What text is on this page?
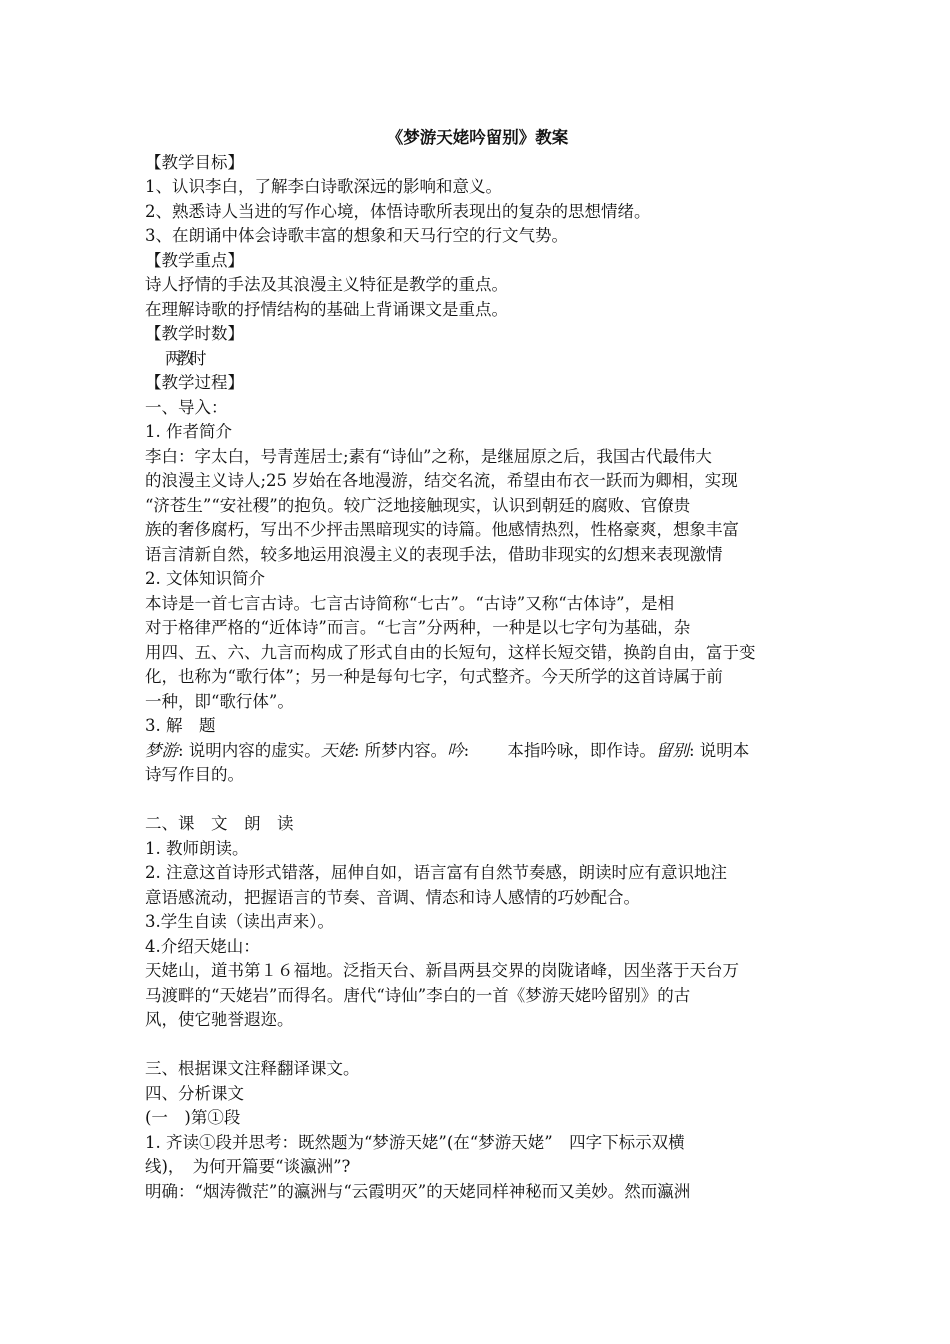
《梦游天姥吟留别》教案
【教学目标】
1、认识李白，了解李白诗歌深远的影响和意义。
2、熟悉诗人当进的写作心境，体悟诗歌所表现出的复杂的思想情绪。
3、在朗诵中体会诗歌丰富的想象和天马行空的行文气势。
【教学重点】
诗人抒情的手法及其浪漫主义特征是教学的重点。
在理解诗歌的抒情结构的基础上背诵课文是重点。
【教学时数】
两教时
【教学过程】
一、导入：
1. 作者简介
李白：字太白，号青莲居士;素有“诗仙”之称，是继屈原之后，我国古代最伟大
的浪漫主义诗人;25 岁始在各地漫游，结交名流，希望由布衣一跃而为卿相，实现
“济苍生”“安社稷”的抱负。较广泛地接触现实，认识到朝廷的腐败、官僚贵
族的奢侈腐朽，写出不少抨击黑暗现实的诗篇。他感情热烈，性格豪爽，想象丰富
语言清新自然，较多地运用浪漫主义的表现手法，借助非现实的幻想来表现激情
2. 文体知识简介
本诗是一首七言古诗。七言古诗简称“七古”。“古诗”又称“古体诗”，是相
对于格律严格的“近体诗”而言。“七言”分两种，一种是以七字句为基础，杂
用四、五、六、九言而构成了形式自由的长短句，这样长短交错，换韵自由，富于变
化，也称为“歌行体”；另一种是每句七字，句式整齐。今天所学的这首诗属于前
一种，即“歌行体”。
3. 解　题
梦游: 说明内容的虚实。天姥: 所梦内容。吟:　　 本指吟咏，即作诗。留别: 说明本
诗写作目的。
二、课　文　朗　读
1. 教师朗读。
2. 注意这首诗形式错落，屈伸自如，语言富有自然节奏感，朗读时应有意识地注
意语感流动，把握语言的节奏、音调、情态和诗人感情的巧妙配合。
3.学生自读（读出声来）。
4.介绍天姥山：
天姥山，道书第１６福地。泛指天台、新昌两县交界的岗陇诸峰，因坐落于天台万
马渡畔的“天姥岩”而得名。唐代“诗仙”李白的一首《梦游天姥吟留别》的古
风，使它驰誉遐迩。
三、根据课文注释翻译课文。
四、分析课文
(一　)第①段
1. 齐读①段并思考：既然题为“梦游天姥”(在“梦游天姥”　四字下标示双横
线)，　为何开篇要“谈瀛洲”?
明确：“烟涛微茫”的瀛洲与“云霞明灭”的天姥同样神秘而又美妙。然而瀛洲
